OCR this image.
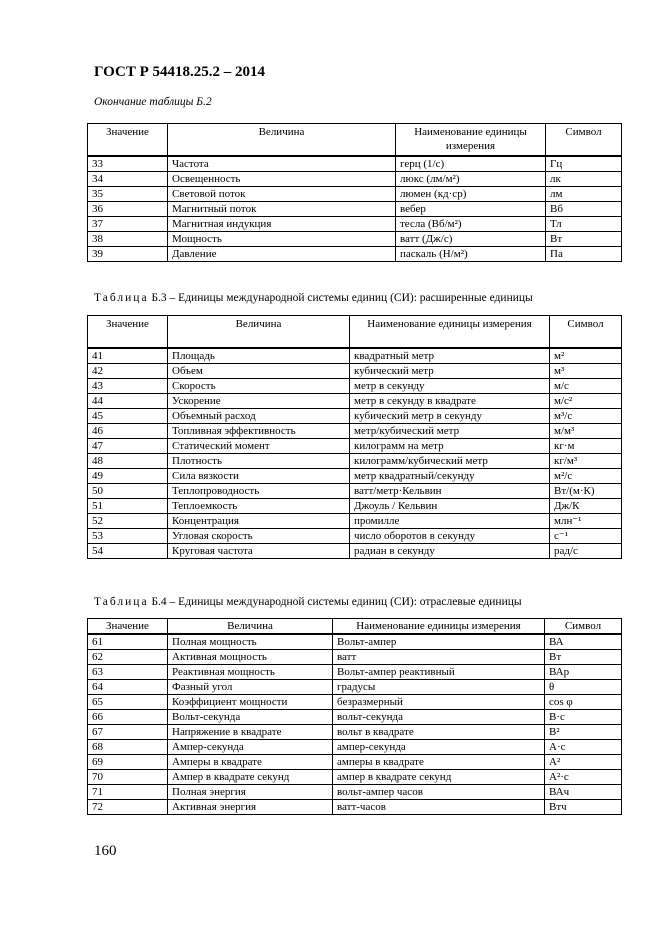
ГОСТ Р 54418.25.2 – 2014
Окончание таблицы Б.2
Значение	Величина	Наименование единицы измерения	Символ
33	Частота	герц (1/с)	Гц
34	Освещенность	люкс (лм/м²)	лк
35	Световой поток	люмен (кд·ср)	лм
36	Магнитный поток	вебер	Вб
37	Магнитная индукция	тесла (Вб/м²)	Тл
38	Мощность	ватт (Дж/с)	Вт
39	Давление	паскаль (Н/м²)	Па
Таблица Б.3 – Единицы международной системы единиц (СИ): расширенные единицы
Значение	Величина	Наименование единицы измерения	Символ
41	Площадь	квадратный метр	м²
42	Объем	кубический метр	м³
43	Скорость	метр в секунду	м/с
44	Ускорение	метр в секунду в квадрате	м/с²
45	Объемный расход	кубический метр в секунду	м³/с
46	Топливная эффективность	метр/кубический метр	м/м³
47	Статический момент	килограмм на метр	кг·м
48	Плотность	килограмм/кубический метр	кг/м³
49	Сила вязкости	метр квадратный/секунду	м²/с
50	Теплопроводность	ватт/метр·Кельвин	Вт/(м·К)
51	Теплоемкость	Джоуль / Кельвин	Дж/К
52	Концентрация	промилле	млн⁻¹
53	Угловая скорость	число оборотов в секунду	с⁻¹
54	Круговая частота	радиан в секунду	рад/с
Таблица Б.4 – Единицы международной системы единиц (СИ): отраслевые единицы
Значение	Величина	Наименование единицы измерения	Символ
61	Полная мощность	Вольт-ампер	ВА
62	Активная мощность	ватт	Вт
63	Реактивная мощность	Вольт-ампер реактивный	ВАр
64	Фазный угол	градусы	θ
65	Коэффициент мощности	безразмерный	cos φ
66	Вольт-секунда	вольт-секунда	В·с
67	Напряжение в квадрате	вольт в квадрате	В²
68	Ампер-секунда	ампер-секунда	А·с
69	Амперы в квадрате	амперы в квадрате	А²
70	Ампер в квадрате секунд	ампер в квадрате секунд	А²·с
71	Полная энергия	вольт-ампер часов	ВАч
72	Активная энергия	ватт-часов	Втч
160
